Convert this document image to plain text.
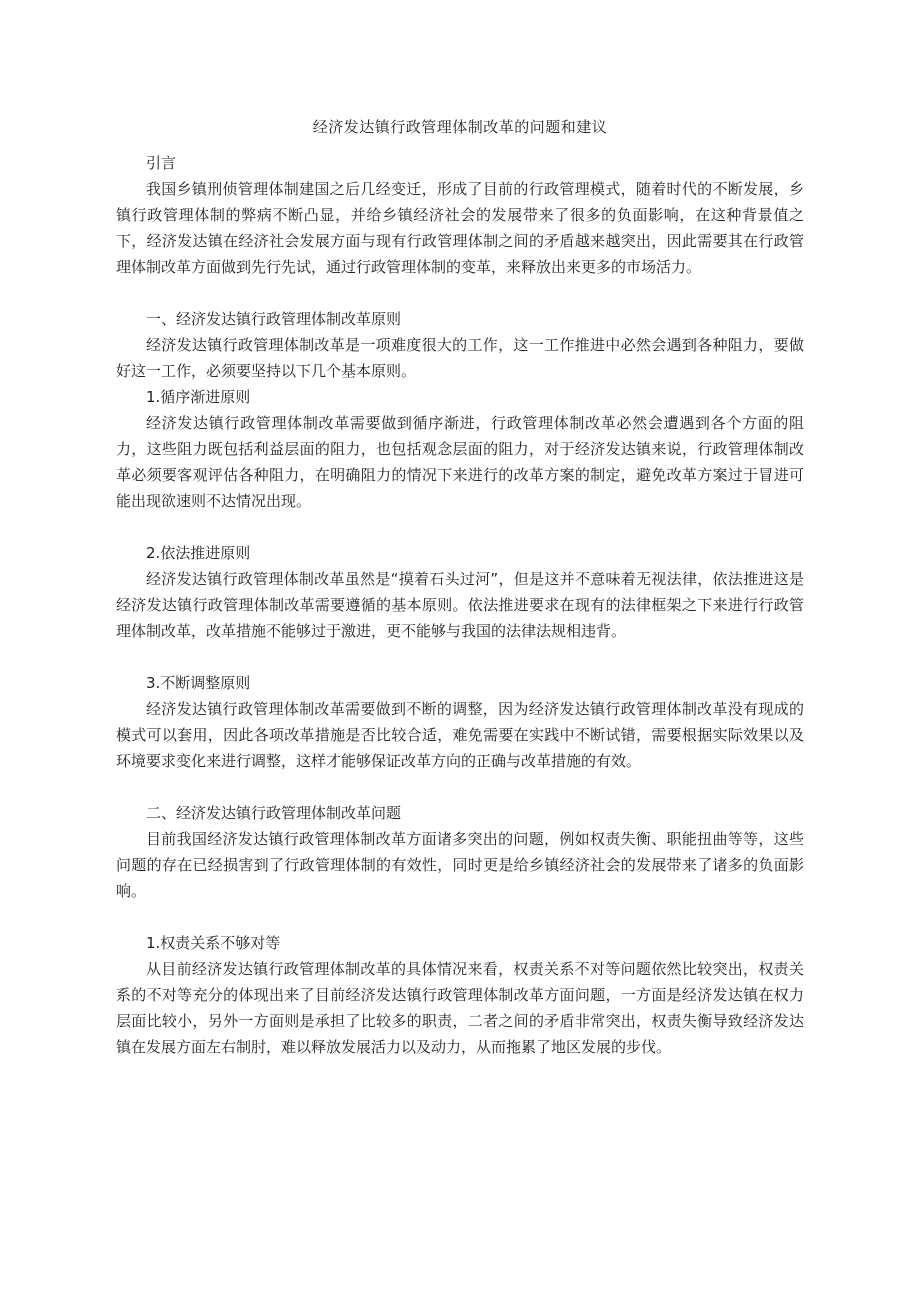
经济发达镇行政管理体制改革的问题和建议

引言

我国乡镇刑侦管理体制建国之后几经变迁，形成了目前的行政管理模式，随着时代的不断发展，乡镇行政管理体制的弊病不断凸显，并给乡镇经济社会的发展带来了很多的负面影响，在这种背景值之下，经济发达镇在经济社会发展方面与现有行政管理体制之间的矛盾越来越突出，因此需要其在行政管理体制改革方面做到先行先试，通过行政管理体制的变革，来释放出来更多的市场活力。

一、经济发达镇行政管理体制改革原则

经济发达镇行政管理体制改革是一项难度很大的工作，这一工作推进中必然会遇到各种阻力，要做好这一工作，必须要坚持以下几个基本原则。

1.循序渐进原则

经济发达镇行政管理体制改革需要做到循序渐进，行政管理体制改革必然会遭遇到各个方面的阻力，这些阻力既包括利益层面的阻力，也包括观念层面的阻力，对于经济发达镇来说，行政管理体制改革必须要客观评估各种阻力，在明确阻力的情况下来进行的改革方案的制定，避免改革方案过于冒进可能出现欲速则不达情况出现。

2.依法推进原则

经济发达镇行政管理体制改革虽然是“摸着石头过河”，但是这并不意味着无视法律，依法推进这是经济发达镇行政管理体制改革需要遵循的基本原则。依法推进要求在现有的法律框架之下来进行行政管理体制改革，改革措施不能够过于激进，更不能够与我国的法律法规相违背。

3.不断调整原则

经济发达镇行政管理体制改革需要做到不断的调整，因为经济发达镇行政管理体制改革没有现成的模式可以套用，因此各项改革措施是否比较合适，难免需要在实践中不断试错，需要根据实际效果以及环境要求变化来进行调整，这样才能够保证改革方向的正确与改革措施的有效。

二、经济发达镇行政管理体制改革问题

目前我国经济发达镇行政管理体制改革方面诸多突出的问题，例如权责失衡、职能扭曲等等，这些问题的存在已经损害到了行政管理体制的有效性，同时更是给乡镇经济社会的发展带来了诸多的负面影响。

1.权责关系不够对等

从目前经济发达镇行政管理体制改革的具体情况来看，权责关系不对等问题依然比较突出，权责关系的不对等充分的体现出来了目前经济发达镇行政管理体制改革方面问题，一方面是经济发达镇在权力层面比较小，另外一方面则是承担了比较多的职责，二者之间的矛盾非常突出，权责失衡导致经济发达镇在发展方面左右制肘，难以释放发展活力以及动力，从而拖累了地区发展的步伐。
